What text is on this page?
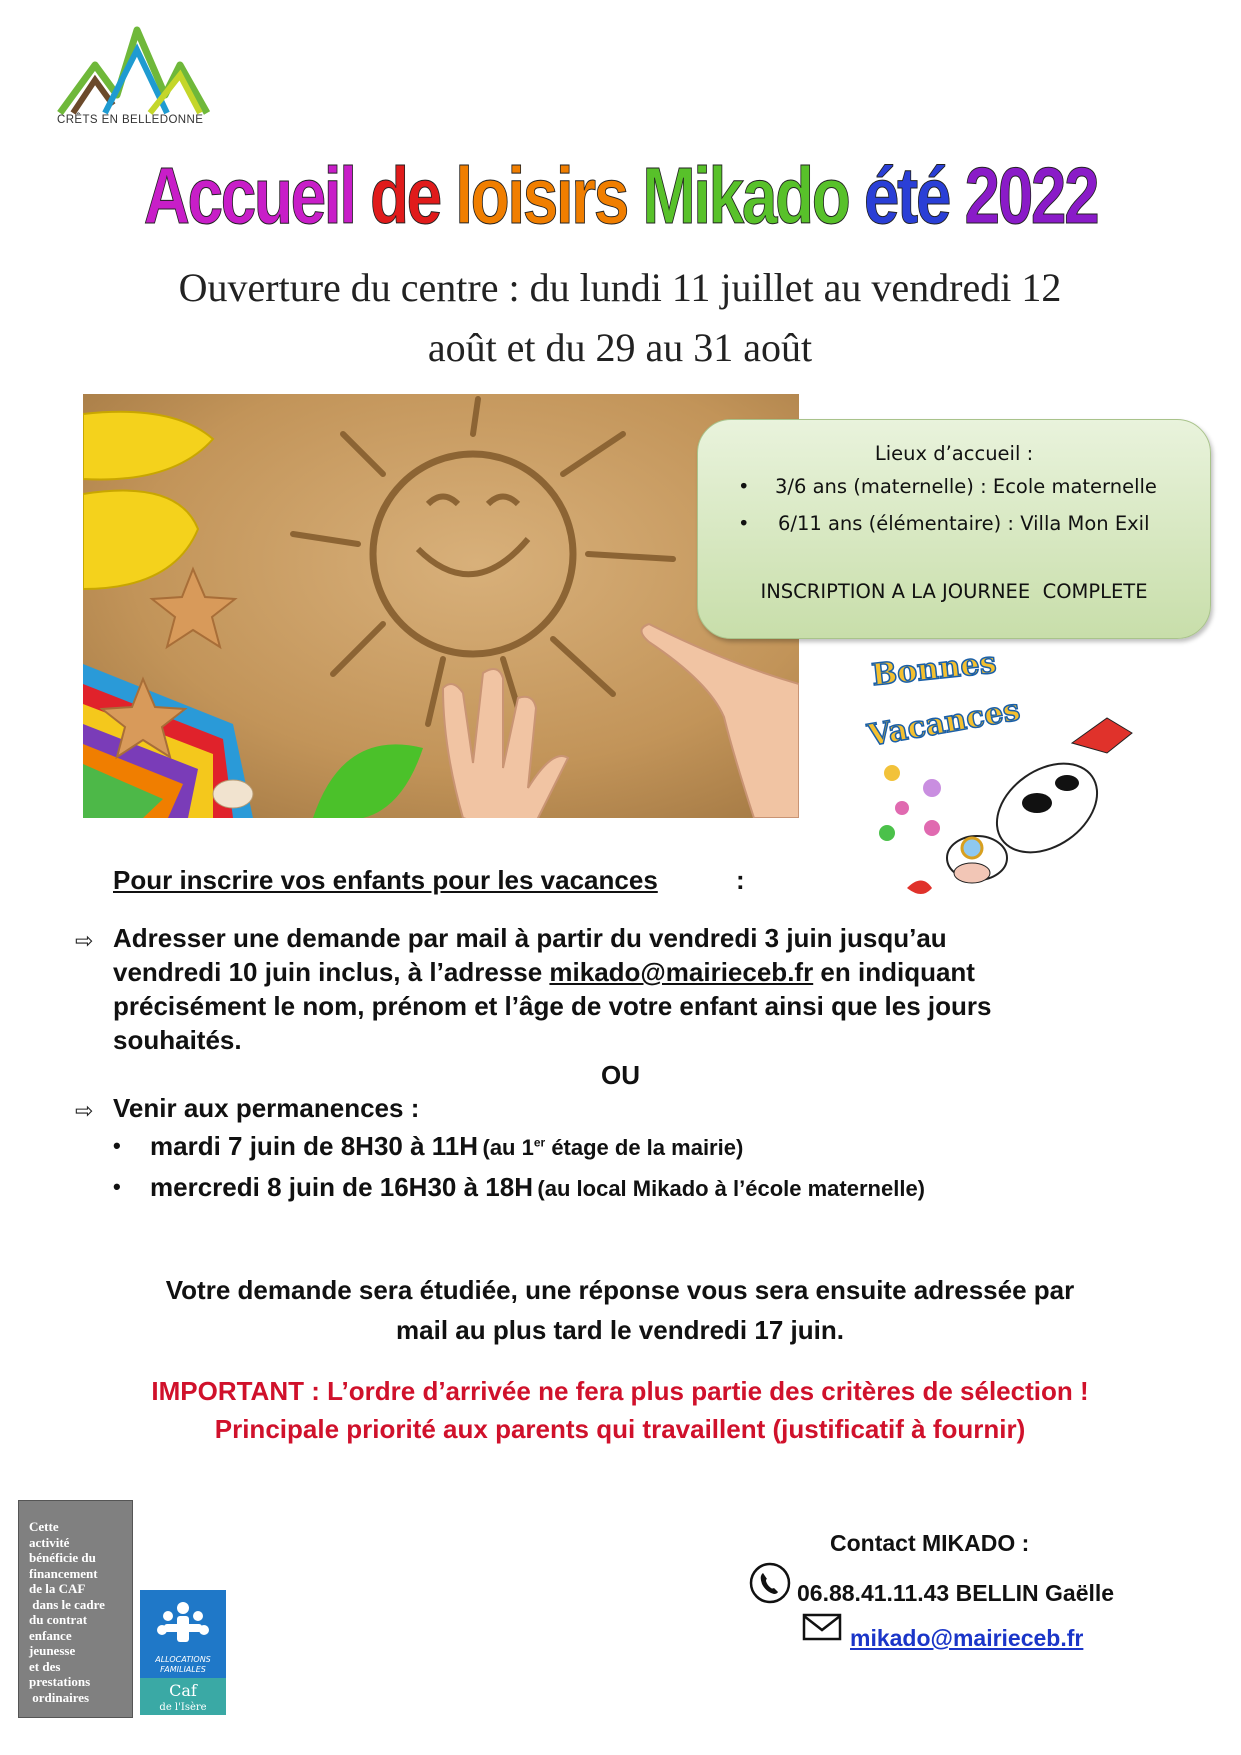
CRÊTS EN BELLEDONNE
Accueil de loisirs Mikado été 2022
Ouverture du centre : du lundi 11 juillet au vendredi 12
août et du 29 au 31 août
Lieux d’accueil :
• 3/6 ans (maternelle) : Ecole maternelle
• 6/11 ans (élémentaire) : Villa Mon Exil
INSCRIPTION A LA JOURNEE  COMPLETE
Bonnes
Vacances
Pour inscrire vos enfants pour les vacances	:
⇨ Adresser une demande par mail à partir du vendredi 3 juin jusqu’au
vendredi 10 juin inclus, à l’adresse mikado@mairieceb.fr en indiquant
précisément le nom, prénom et l’âge de votre enfant ainsi que les jours
souhaités.
OU
⇨ Venir aux permanences :
• mardi 7 juin de 8H30 à 11H (au 1er étage de la mairie)
• mercredi 8 juin de 16H30 à 18H (au local Mikado à l’école maternelle)
Votre demande sera étudiée, une réponse vous sera ensuite adressée par
mail au plus tard le vendredi 17 juin.
IMPORTANT : L’ordre d’arrivée ne fera plus partie des critères de sélection !
Principale priorité aux parents qui travaillent (justificatif à fournir)
Cette
activité
bénéficie du
financement
de la CAF
dans le cadre
du contrat
enfance
jeunesse
et des
prestations
ordinaires
ALLOCATIONS
FAMILIALES
Caf
de l'Isère
Contact MIKADO :
06.88.41.11.43 BELLIN Gaëlle
mikado@mairieceb.fr
